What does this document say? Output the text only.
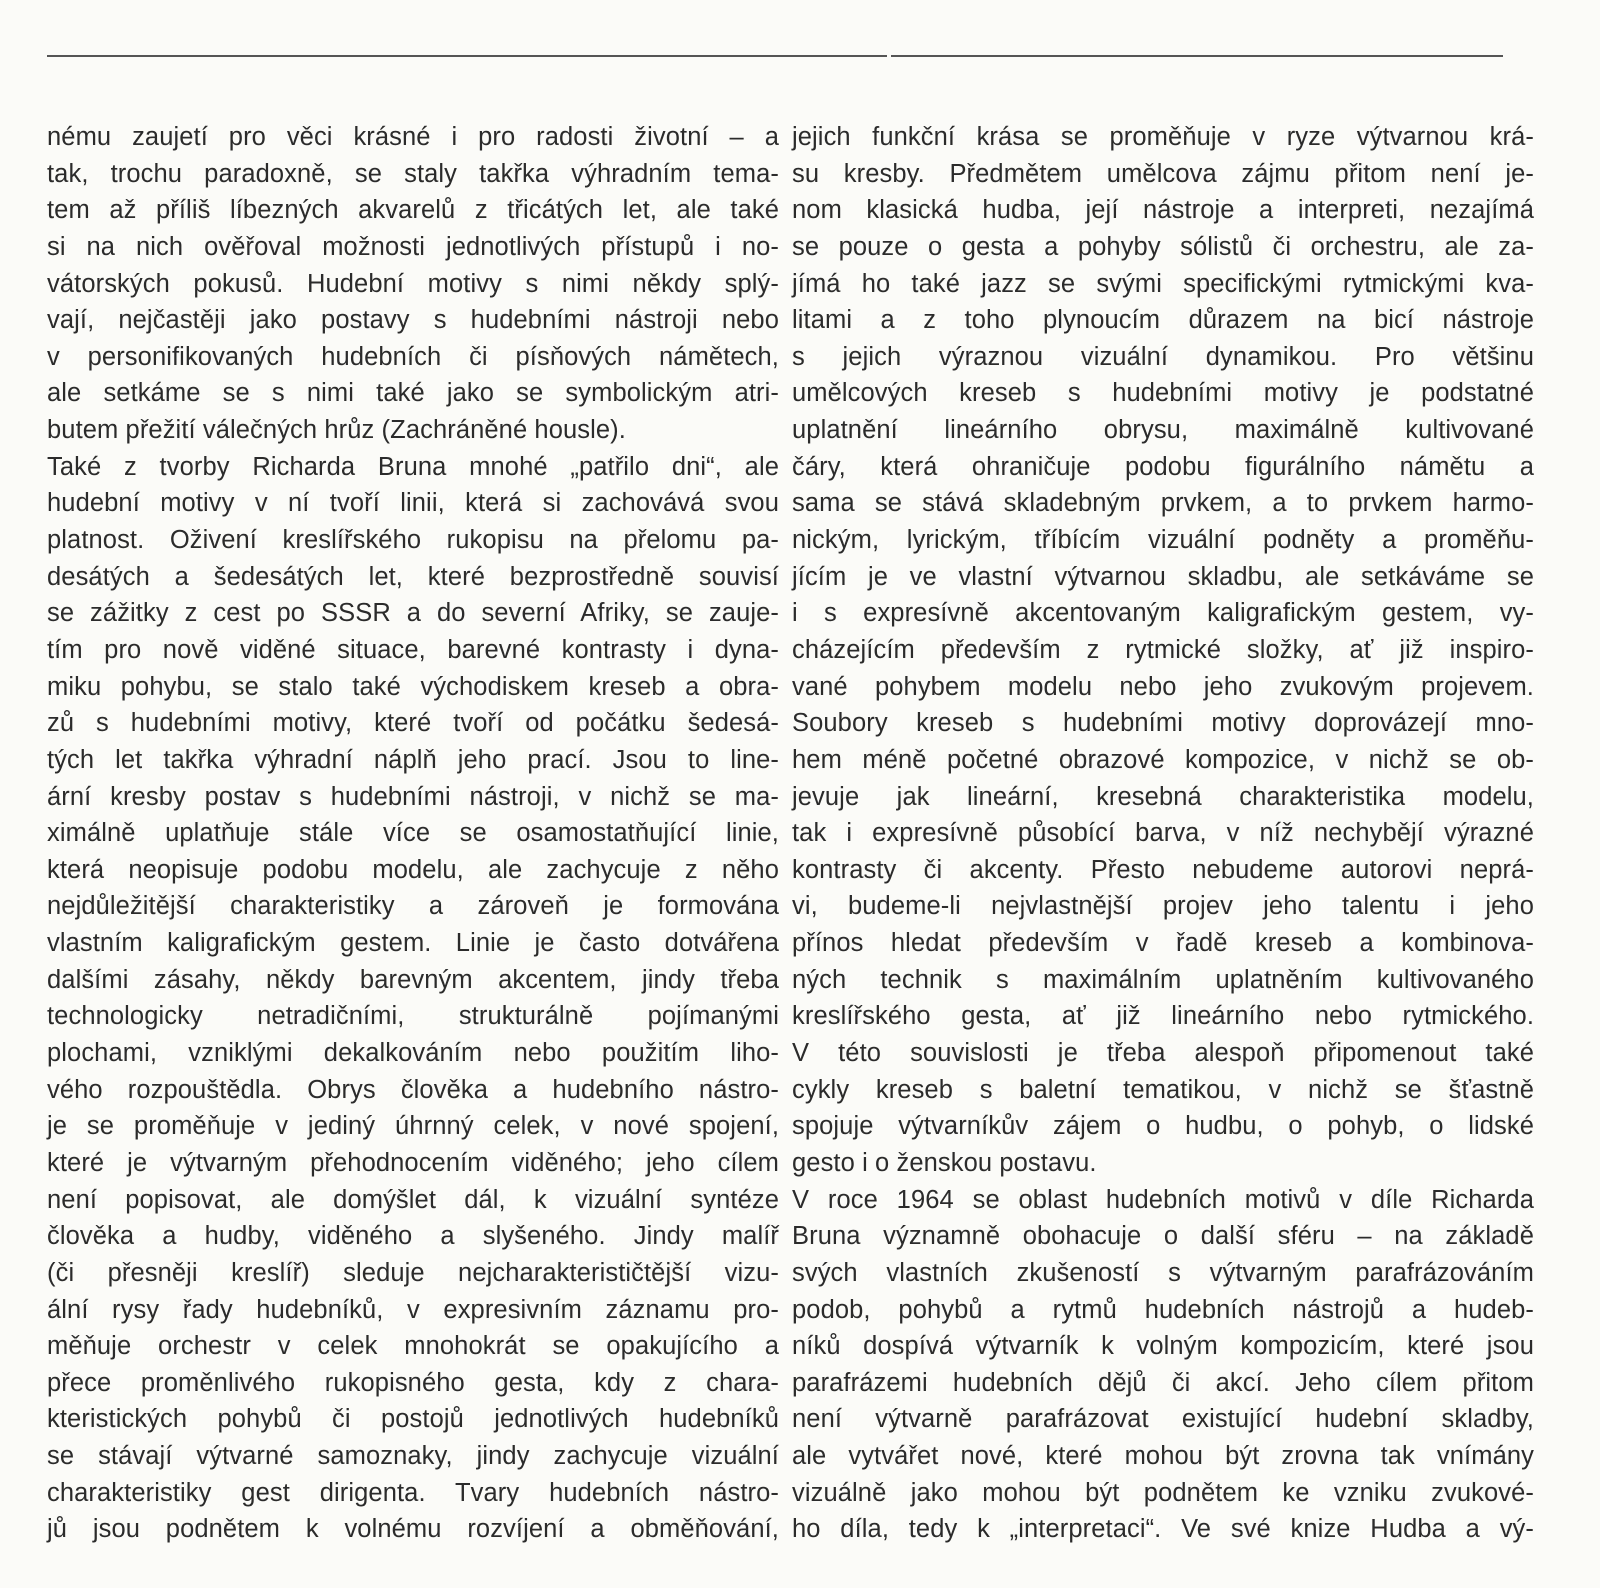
nému zaujetí pro věci krásné i pro radosti životní – a
tak, trochu paradoxně, se staly takřka výhradním tema-
tem až příliš líbezných akvarelů z třicátých let, ale také
si na nich ověřoval možnosti jednotlivých přístupů i no-
vátorských pokusů. Hudební motivy s nimi někdy splý-
vají, nejčastěji jako postavy s hudebními nástroji nebo
v personifikovaných hudebních či písňových námětech,
ale setkáme se s nimi také jako se symbolickým atri-
butem přežití válečných hrůz (Zachráněné housle).
Také z tvorby Richarda Bruna mnohé „patřilo dni“, ale
hudební motivy v ní tvoří linii, která si zachovává svou
platnost. Oživení kreslířského rukopisu na přelomu pa-
desátých a šedesátých let, které bezprostředně souvisí
se zážitky z cest po SSSR a do severní Afriky, se zauje-
tím pro nově viděné situace, barevné kontrasty i dyna-
miku pohybu, se stalo také východiskem kreseb a obra-
zů s hudebními motivy, které tvoří od počátku šedesá-
tých let takřka výhradní náplň jeho prací. Jsou to line-
ární kresby postav s hudebními nástroji, v nichž se ma-
ximálně uplatňuje stále více se osamostatňující linie,
která neopisuje podobu modelu, ale zachycuje z něho
nejdůležitější charakteristiky a zároveň je formována
vlastním kaligrafickým gestem. Linie je často dotvářena
dalšími zásahy, někdy barevným akcentem, jindy třeba
technologicky netradičními, strukturálně pojímanými
plochami, vzniklými dekalkováním nebo použitím liho-
vého rozpouštědla. Obrys člověka a hudebního nástro-
je se proměňuje v jediný úhrnný celek, v nové spojení,
které je výtvarným přehodnocením viděného; jeho cílem
není popisovat, ale domýšlet dál, k vizuální syntéze
člověka a hudby, viděného a slyšeného. Jindy malíř
(či přesněji kreslíř) sleduje nejcharakterističtější vizu-
ální rysy řady hudebníků, v expresivním záznamu pro-
měňuje orchestr v celek mnohokrát se opakujícího a
přece proměnlivého rukopisného gesta, kdy z chara-
kteristických pohybů či postojů jednotlivých hudebníků
se stávají výtvarné samoznaky, jindy zachycuje vizuální
charakteristiky gest dirigenta. Tvary hudebních nástro-
jů jsou podnětem k volnému rozvíjení a obměňování,
jejich funkční krása se proměňuje v ryze výtvarnou krá-
su kresby. Předmětem umělcova zájmu přitom není je-
nom klasická hudba, její nástroje a interpreti, nezajímá
se pouze o gesta a pohyby sólistů či orchestru, ale za-
jímá ho také jazz se svými specifickými rytmickými kva-
litami a z toho plynoucím důrazem na bicí nástroje
s jejich výraznou vizuální dynamikou. Pro většinu
umělcových kreseb s hudebními motivy je podstatné
uplatnění lineárního obrysu, maximálně kultivované
čáry, která ohraničuje podobu figurálního námětu a
sama se stává skladebným prvkem, a to prvkem harmo-
nickým, lyrickým, tříbícím vizuální podněty a proměňu-
jícím je ve vlastní výtvarnou skladbu, ale setkáváme se
i s expresívně akcentovaným kaligrafickým gestem, vy-
cházejícím především z rytmické složky, ať již inspiro-
vané pohybem modelu nebo jeho zvukovým projevem.
Soubory kreseb s hudebními motivy doprovázejí mno-
hem méně početné obrazové kompozice, v nichž se ob-
jevuje jak lineární, kresebná charakteristika modelu,
tak i expresívně působící barva, v níž nechybějí výrazné
kontrasty či akcenty. Přesto nebudeme autorovi neprá-
vi, budeme-li nejvlastnější projev jeho talentu i jeho
přínos hledat především v řadě kreseb a kombinova-
ných technik s maximálním uplatněním kultivovaného
kreslířského gesta, ať již lineárního nebo rytmického.
V této souvislosti je třeba alespoň připomenout také
cykly kreseb s baletní tematikou, v nichž se šťastně
spojuje výtvarníkův zájem o hudbu, o pohyb, o lidské
gesto i o ženskou postavu.
V roce 1964 se oblast hudebních motivů v díle Richarda
Bruna významně obohacuje o další sféru – na základě
svých vlastních zkušeností s výtvarným parafrázováním
podob, pohybů a rytmů hudebních nástrojů a hudeb-
níků dospívá výtvarník k volným kompozicím, které jsou
parafrázemi hudebních dějů či akcí. Jeho cílem přitom
není výtvarně parafrázovat existující hudební skladby,
ale vytvářet nové, které mohou být zrovna tak vnímány
vizuálně jako mohou být podnětem ke vzniku zvukové-
ho díla, tedy k „interpretaci“. Ve své knize Hudba a vý-
